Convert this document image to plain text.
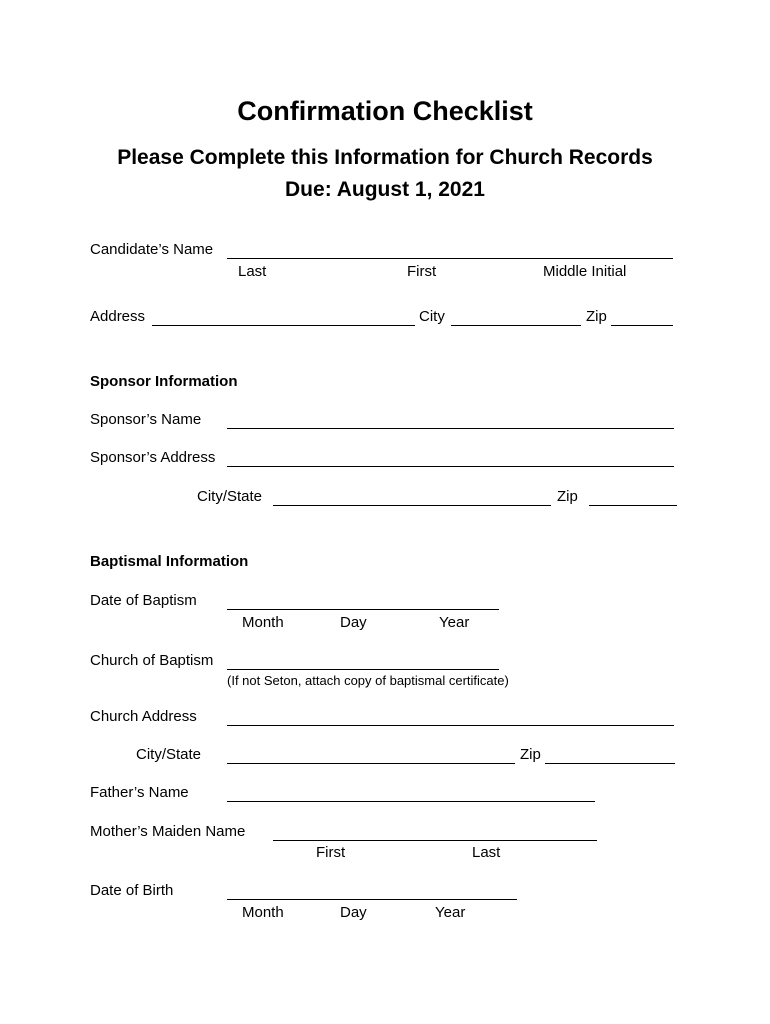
Confirmation Checklist
Please Complete this Information for Church Records
Due: August 1, 2021
Candidate’s Name
Last	First	Middle Initial
Address	City	Zip
Sponsor Information
Sponsor’s Name
Sponsor’s Address
City/State	Zip
Baptismal Information
Date of Baptism
Month	Day	Year
Church of Baptism
(If not Seton, attach copy of baptismal certificate)
Church Address
City/State	Zip
Father’s Name
Mother’s Maiden Name
First	Last
Date of Birth
Month	Day	Year
